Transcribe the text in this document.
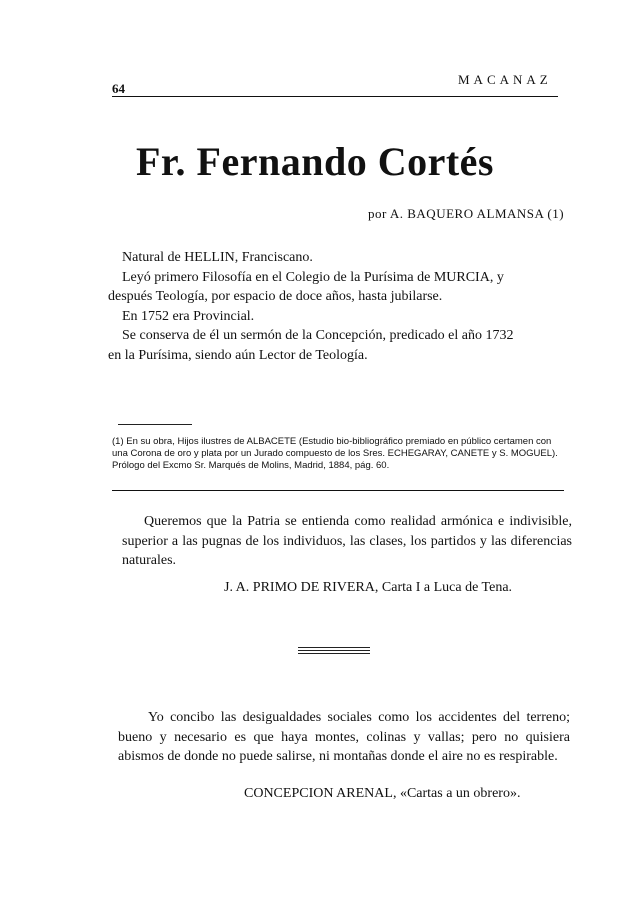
64
MACANAZ
Fr. Fernando Cortés
por A. BAQUERO ALMANSA (1)

Natural de HELLIN, Franciscano.

Leyó primero Filosofía en el Colegio de la Purísima de MURCIA, y

después Teología, por espacio de doce años, hasta jubilarse.

En 1752 era Provincial.

Se conserva de él un sermón de la Concepción, predicado el año 1732

en la Purísima, siendo aún Lector de Teología.

(1) En su obra, Hijos ilustres de ALBACETE (Estudio bio-bibliográfico premiado en público certamen con una Corona de oro y plata por un Jurado compuesto de los Sres. ECHEGARAY, CANETE y S. MOGUEL). Prólogo del Excmo Sr. Marqués de Molins, Madrid, 1884, pág. 60.
Queremos que la Patria se entienda como realidad armónica e indivisible, superior a las pugnas de los individuos, las clases, los partidos y las diferencias naturales.
J. A. PRIMO DE RIVERA, Carta I a Luca de Tena.
Yo concibo las desigualdades sociales como los accidentes del terreno; bueno y necesario es que haya montes, colinas y vallas; pero no quisiera abismos de donde no puede salirse, ni montañas donde el aire no es respirable.
CONCEPCION ARENAL, «Cartas a un obrero».
